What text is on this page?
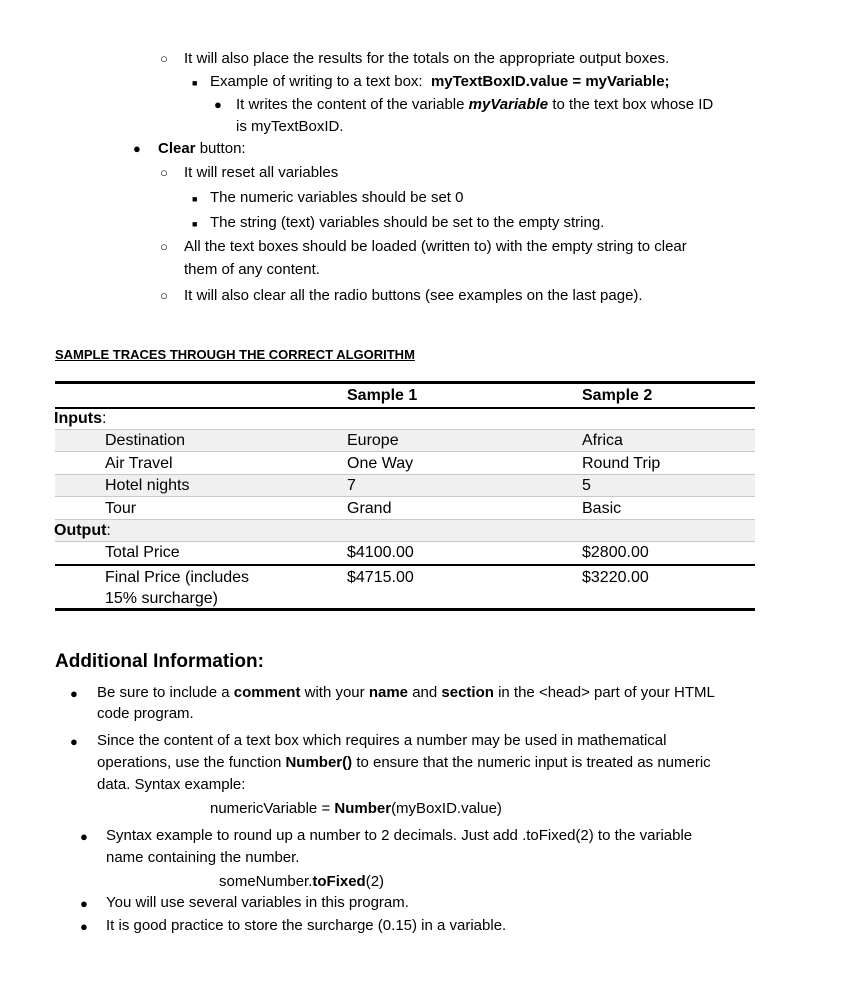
○ It will also place the results for the totals on the appropriate output boxes.
■ Example of writing to a text box: myTextBoxID.value = myVariable;
● It writes the content of the variable myVariable to the text box whose ID
is myTextBoxID.
● Clear button:
○ It will reset all variables
■ The numeric variables should be set 0
■ The string (text) variables should be set to the empty string.
○ All the text boxes should be loaded (written to) with the empty string to clear
them of any content.
○ It will also clear all the radio buttons (see examples on the last page).
SAMPLE TRACES THROUGH THE CORRECT ALGORITHM
Sample 1	Sample 2
Inputs:
Destination	Europe	Africa
Air Travel	One Way	Round Trip
Hotel nights	7	5
Tour	Grand	Basic
Output:
Total Price	$4100.00	$2800.00
Final Price (includes
15% surcharge)
$4715.00	$3220.00
Additional Information:
● Be sure to include a comment with your name and section in the <head> part of your HTML
code program.
● Since the content of a text box which requires a number may be used in mathematical
operations, use the function Number() to ensure that the numeric input is treated as numeric
data. Syntax example:
numericVariable = Number(myBoxID.value)
● Syntax example to round up a number to 2 decimals. Just add .toFixed(2) to the variable
name containing the number.
someNumber.toFixed(2)
● You will use several variables in this program.
● It is good practice to store the surcharge (0.15) in a variable.
